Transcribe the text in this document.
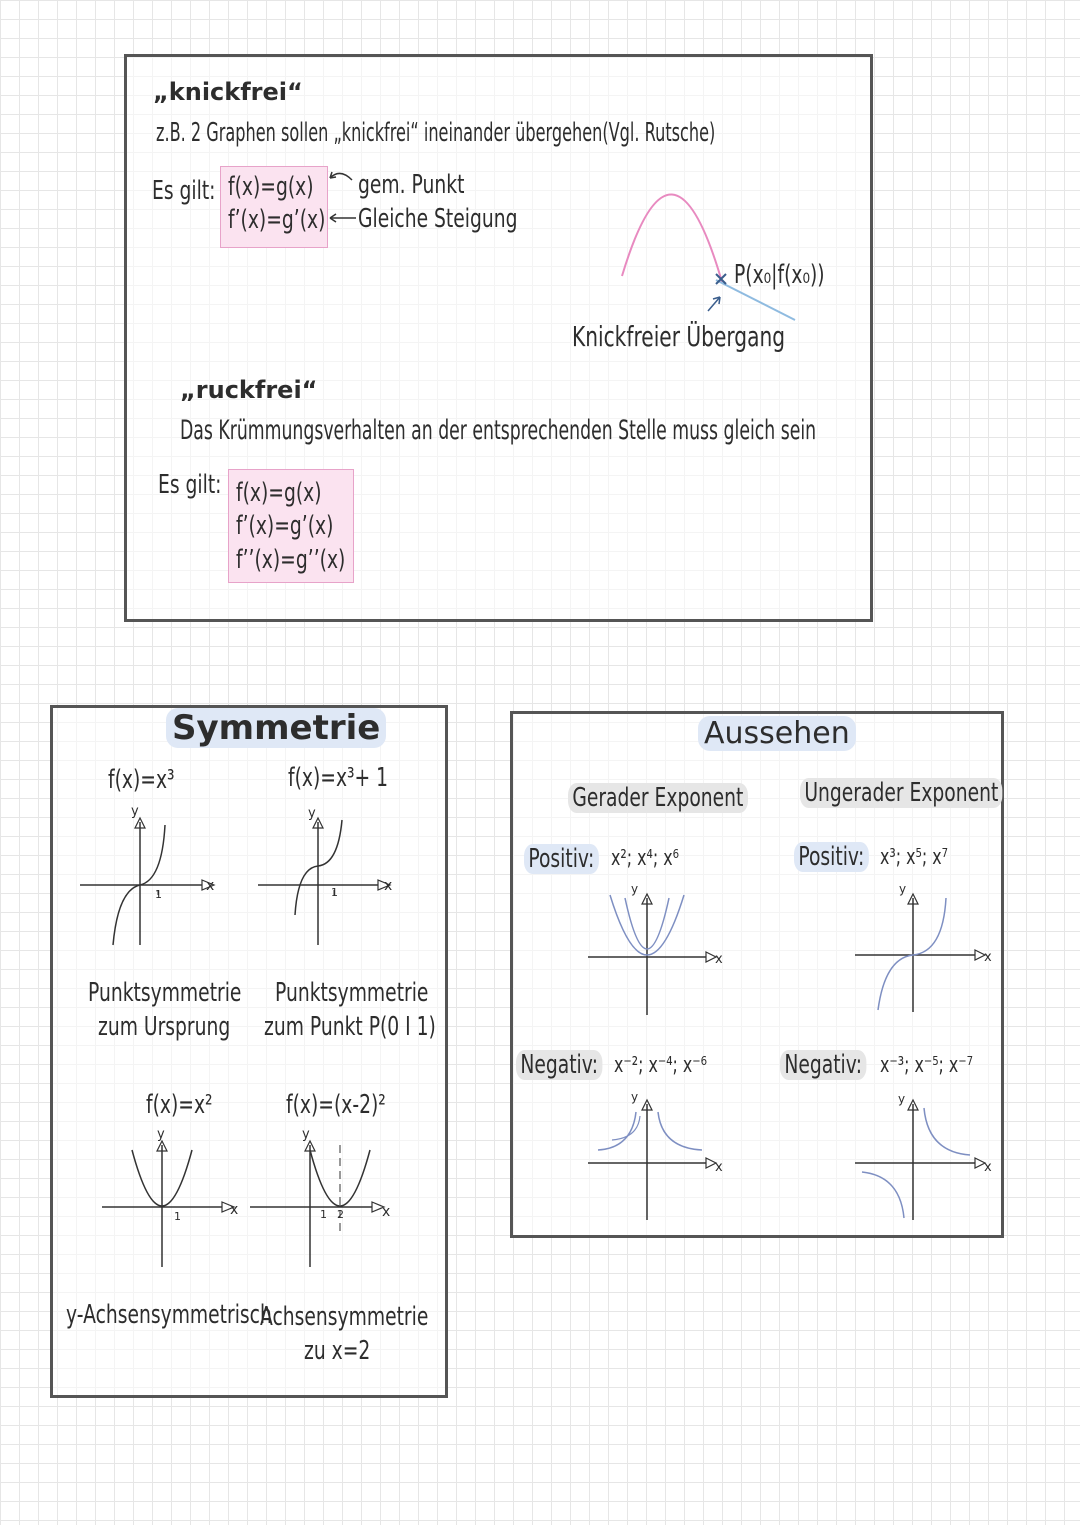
„knickfrei“
z.B. 2 Graphen sollen „knickfrei“ ineinander übergehen(Vgl. Rutsche)
Es gilt: f(x)=g(x)
f’(x)=g’(x)
gem. Punkt
Gleiche Steigung
P(x₀|f(x₀))
Knickfreier Übergang
„ruckfrei“
Das Krümmungsverhalten an der entsprechenden Stelle muss gleich sein
Es gilt: f(x)=g(x)
f’(x)=g’(x)
f’’(x)=g’’(x)
Symmetrie
f(x)=x³	f(x)=x³+ 1
x
y
1
x
y
1
x
y
1	x
y
1 2
Punktsymmetrie
zum Ursprung
Punktsymmetrie
zum Punkt P(0 I 1)
f(x)=x²	f(x)=(x-2)²
y-Achsensymmetrisch
Achsensymmetrie
zu x=2
Aussehen
Gerader Exponent Ungerader Exponent
Positiv: x²; x⁴; x⁶	Positiv: x³; x⁵; x⁷
Negativ: x⁻²; x⁻⁴; x⁻⁶	Negativ: x⁻³; x⁻⁵; x⁻⁷
x
y
x
y
x
y
x
y
